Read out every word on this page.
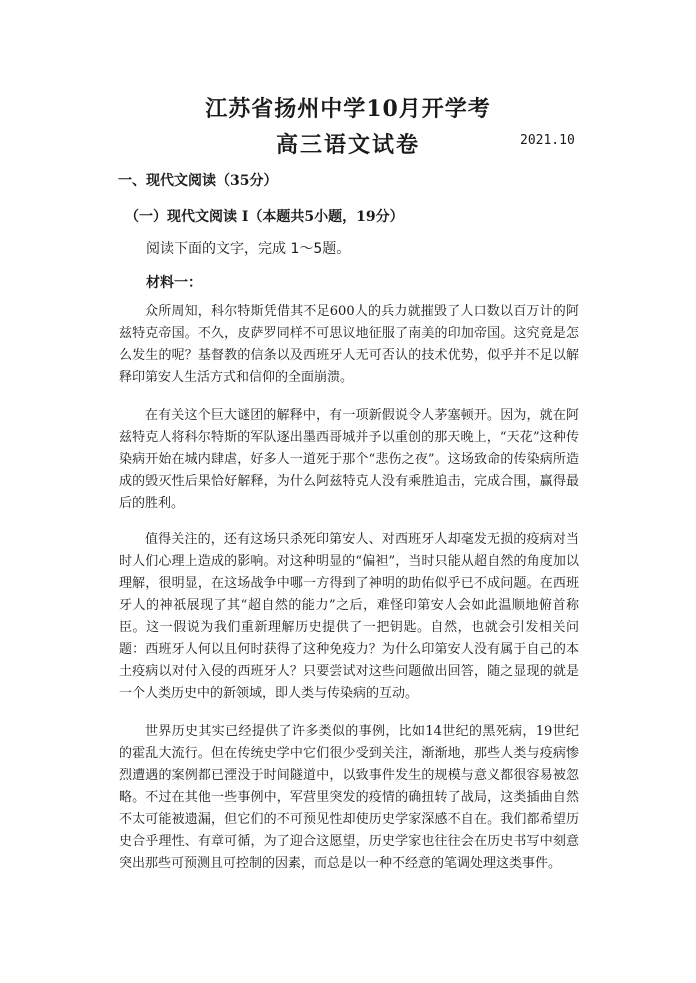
江苏省扬州中学10月开学考
高三语文试卷	2021.10
一、现代文阅读（35分）
（一）现代文阅读 I（本题共5小题，19分）
阅读下面的文字，完成 1～5题。
材料一：

众所周知，科尔特斯凭借其不足600人的兵力就摧毁了人口数以百万计的阿兹特克帝国。不久，皮萨罗同样不可思议地征服了南美的印加帝国。这究竟是怎么发生的呢？基督教的信条以及西班牙人无可否认的技术优势，似乎并不足以解释印第安人生活方式和信仰的全面崩溃。

在有关这个巨大谜团的解释中，有一项新假说令人茅塞顿开。因为，就在阿兹特克人将科尔特斯的军队逐出墨西哥城并予以重创的那天晚上，“天花”这种传染病开始在城内肆虐，好多人一道死于那个“悲伤之夜”。这场致命的传染病所造成的毁灭性后果恰好解释，为什么阿兹特克人没有乘胜追击，完成合围，赢得最后的胜利。

值得关注的，还有这场只杀死印第安人、对西班牙人却毫发无损的疫病对当时人们心理上造成的影响。对这种明显的“偏袒”，当时只能从超自然的角度加以理解，很明显，在这场战争中哪一方得到了神明的助佑似乎已不成问题。在西班牙人的神祇展现了其“超自然的能力”之后，难怪印第安人会如此温顺地俯首称臣。这一假说为我们重新理解历史提供了一把钥匙。自然，也就会引发相关问题：西班牙人何以且何时获得了这种免疫力？为什么印第安人没有属于自己的本土疫病以对付入侵的西班牙人？只要尝试对这些问题做出回答，随之显现的就是一个人类历史中的新领域，即人类与传染病的互动。

世界历史其实已经提供了许多类似的事例，比如14世纪的黑死病，19世纪的霍乱大流行。但在传统史学中它们很少受到关注，渐渐地，那些人类与疫病惨烈遭遇的案例都已湮没于时间隧道中，以致事件发生的规模与意义都很容易被忽略。不过在其他一些事例中，军营里突发的疫情的确扭转了战局，这类插曲自然不太可能被遗漏，但它们的不可预见性却使历史学家深感不自在。我们都希望历史合乎理性、有章可循，为了迎合这愿望，历史学家也往往会在历史书写中刻意突出那些可预测且可控制的因素，而总是以一种不经意的笔调处理这类事件。
